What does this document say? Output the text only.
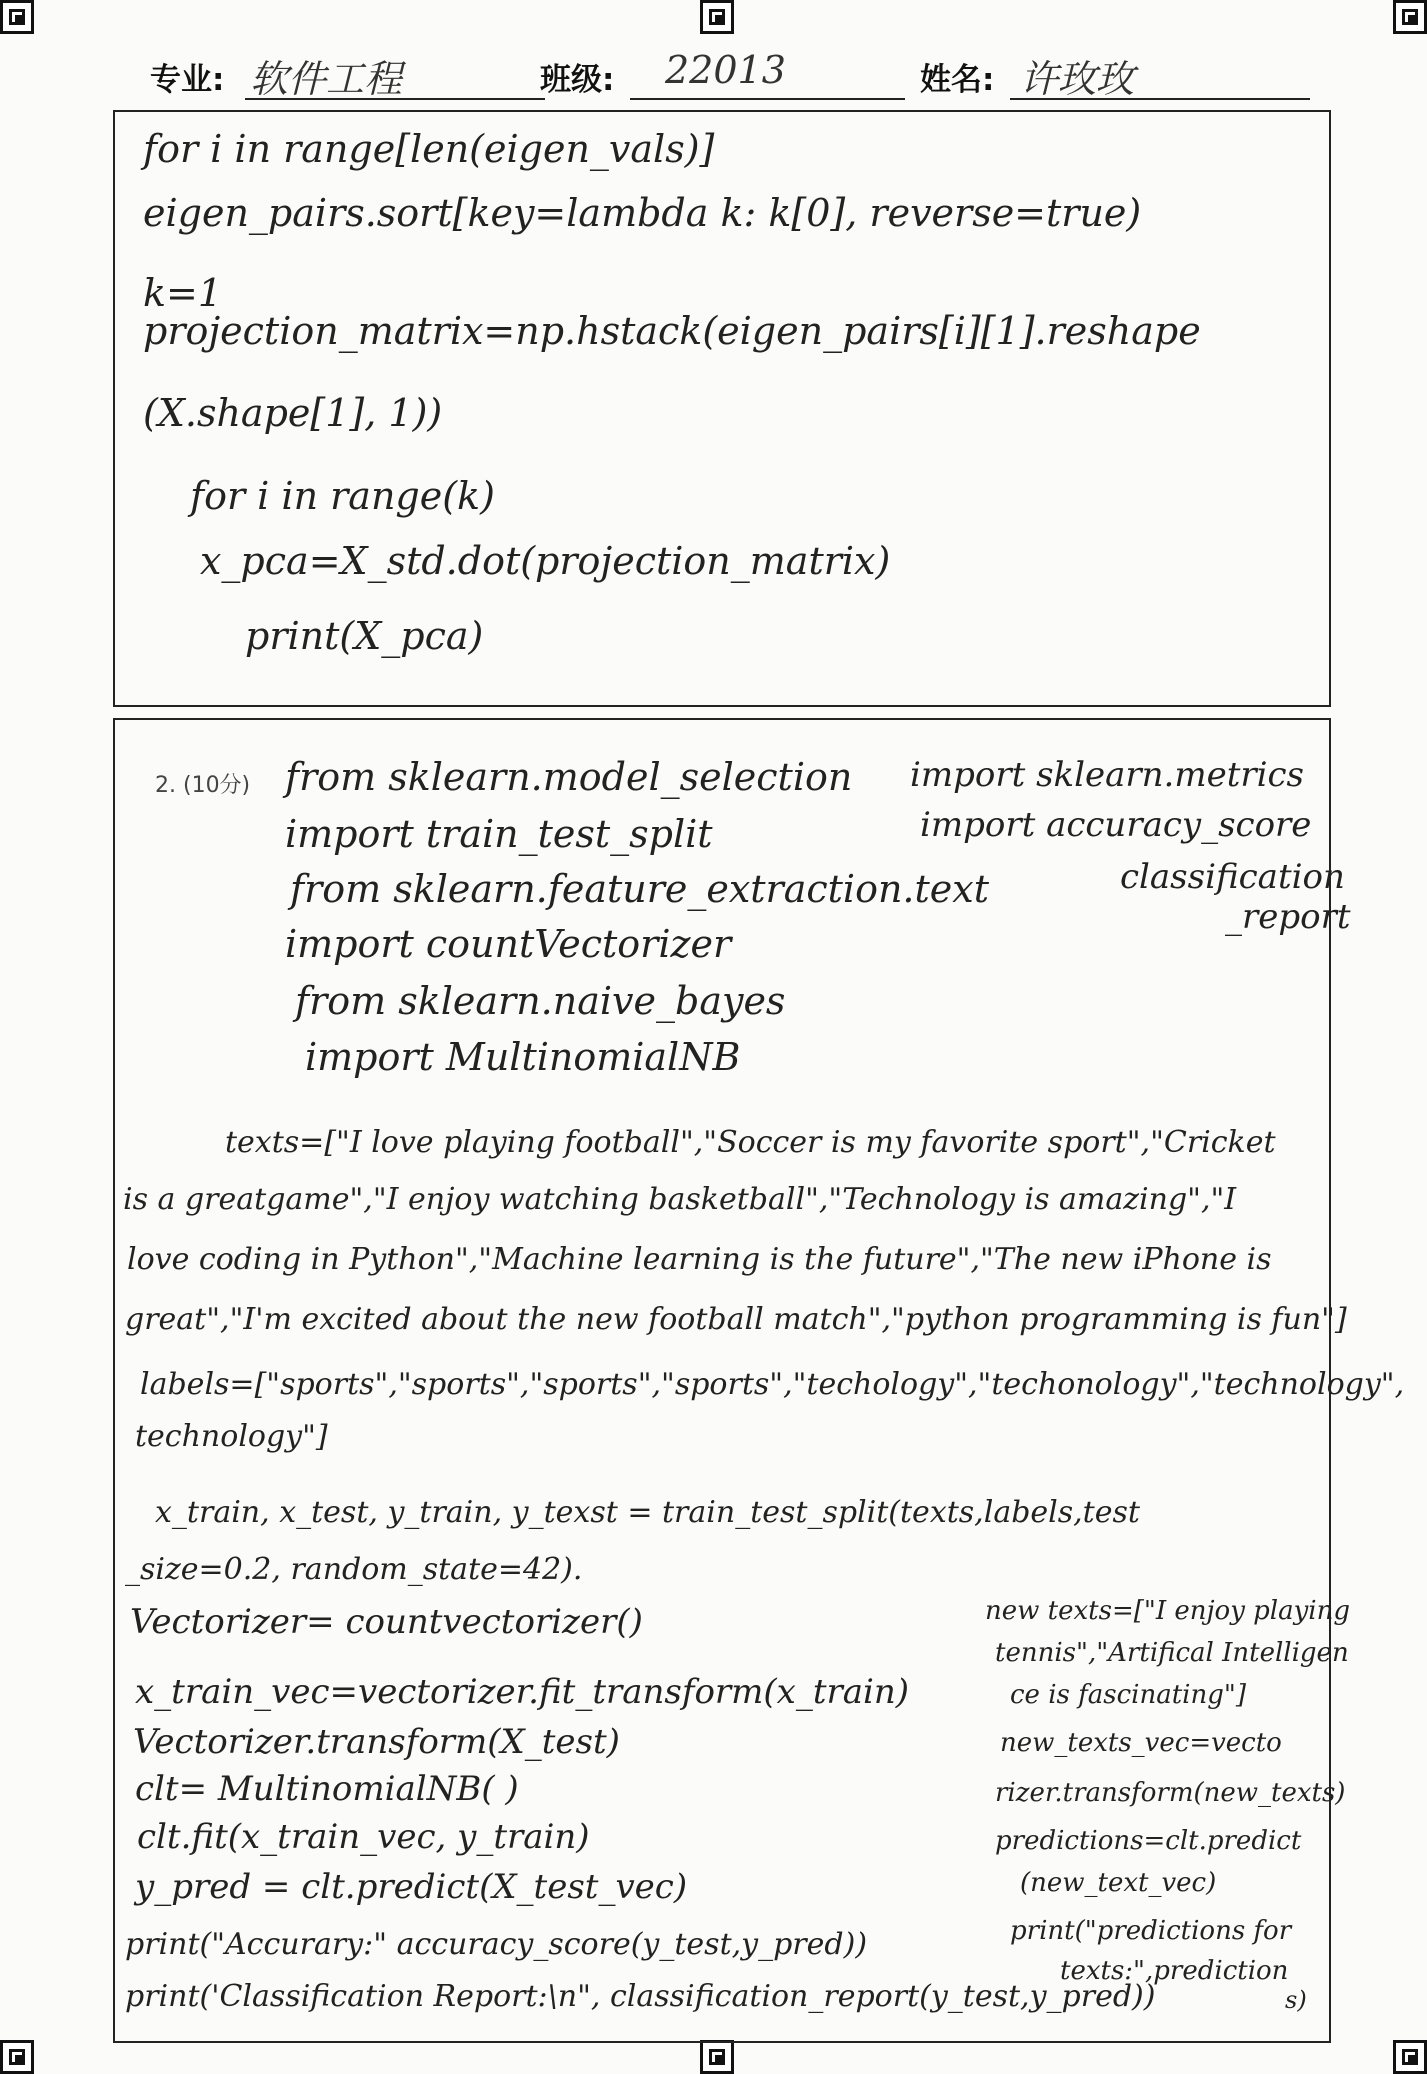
专业: 软件工程	班级: 22013	姓名: 许玫玫
for i in range[len(eigen_vals)]
eigen_pairs.sort[key=lambda k: k[0], reverse=true)
k=1
projection_matrix=np.hstack(eigen_pairs[i][1].reshape
(X.shape[1], 1))
for i in range(k)
x_pca=X_std.dot(projection_matrix)
print(X_pca)
2. (10分) from sklearn.model_selection
import train_test_split
from sklearn.feature_extraction.text
import countVectorizer
from sklearn.naive_bayes
import MultinomialNB
import sklearn.metrics
import accuracy_score
classification
_report
texts=["I love playing football","Soccer is my favorite sport","Cricket
is a greatgame","I enjoy watching basketball","Technology is amazing","I
love coding in Python","Machine learning is the future","The new iPhone is
great","I'm excited about the new football match","python programming is fun"]
labels=["sports","sports","sports","sports","techology","techonology","technology",
technology"]
x_train, x_test, y_train, y_texst = train_test_split(texts,labels,test
_size=0.2, random_state=42).
Vectorizer= countvectorizer()
x_train_vec=vectorizer.fit_transform(x_train)
Vectorizer.transform(X_test)
clt= MultinomialNB( )
clt.fit(x_train_vec, y_train)
y_pred = clt.predict(X_test_vec)
print("Accurary:" accuracy_score(y_test,y_pred))
print('Classification Report:\n", classification_report(y_test,y_pred))
new texts=["I enjoy playing
tennis","Artifical Intelligen
ce is fascinating"]
new_texts_vec=vecto
rizer.transform(new_texts)
predictions=clt.predict
(new_text_vec)
print("predictions for
texts:",prediction
s)
